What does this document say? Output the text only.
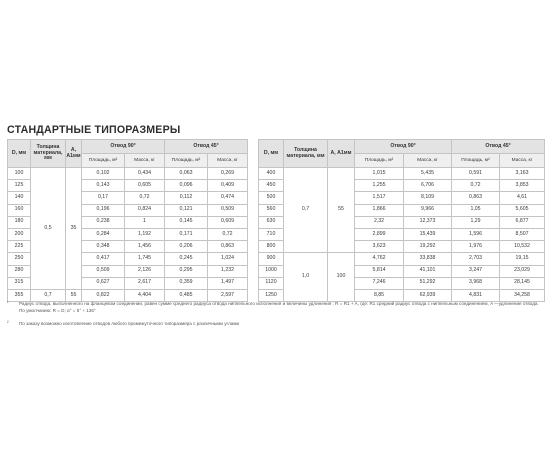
СТАНДАРТНЫЕ ТИПОРАЗМЕРЫ
D, мм	Толщина материала, мм	А, А1мм	Отвод 90°		Отвод 45°	
			Площадь, м²	Масса, кг	Площадь, м²	Масса, кг
100	0,5	35	0,102	0,434	0,063	0,269
125			0,143	0,605	0,096	0,409
140			0,17	0,72	0,112	0,474
160			0,196	0,824	0,121	0,509
180			0,238	1	0,145	0,609
200			0,284	1,192	0,171	0,72
225			0,348	1,456	0,206	0,863
250			0,417	1,745	0,245	1,024
280			0,509	2,126	0,295	1,232
315			0,627	2,617	0,359	1,497
355	0,7	55	0,822	4,404	0,485	2,597
D, мм	Толщина материала, мм	А, А1мм	Отвод 90°		Отвод 45°	
			Площадь, м²	Масса, кг	Площадь, м²	Масса, кг
400	0,7	55	1,015	5,435	0,591	3,163
450			1,255	6,706	0,72	3,853
500			1,517	8,109	0,863	4,61
560			1,866	9,966	1,05	5,605
630			2,32	12,373	1,29	6,877
710			2,899	15,439	1,596	8,507
800			3,623	19,292	1,976	10,532
900	1,0	100	4,762	33,838	2,703	19,15
1000			5,814	41,101	3,247	23,029
1120			7,246	51,292	3,968	28,145
1250			8,85	62,939	4,831	34,258
¹ Радиус отвода, выполненного на фланцевом соединении, равен сумме среднего радиуса отвода ниппельного исполнения и величины удлинения : R = R1 + A, где: R1 средний радиус отвода с ниппельным соединением, A —удлинение отвода. По умолчанию: R = D; α° = 5° ÷ 135°
² По заказу возможно изготовление отводов любого промежуточного типоразмера с различными углами
